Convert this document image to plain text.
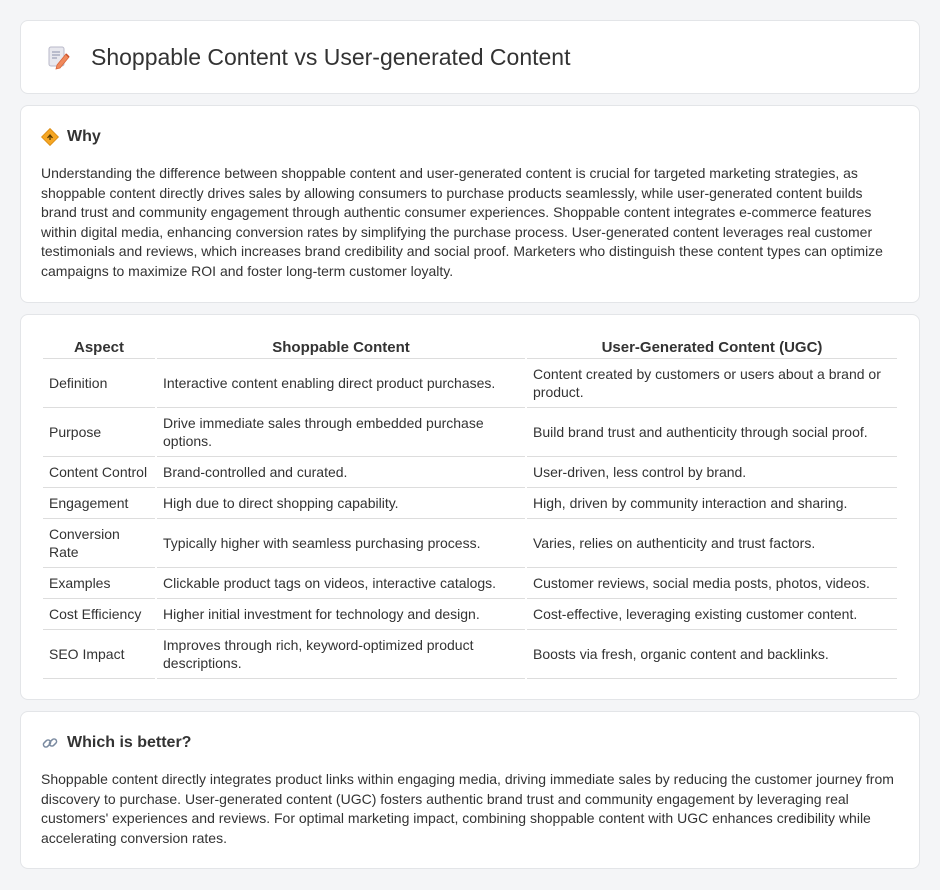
Shoppable Content vs User-generated Content
Why

Understanding the difference between shoppable content and user-generated content is crucial for targeted marketing strategies, as shoppable content directly drives sales by allowing consumers to purchase products seamlessly, while user-generated content builds brand trust and community engagement through authentic consumer experiences. Shoppable content integrates e-commerce features within digital media, enhancing conversion rates by simplifying the purchase process. User-generated content leverages real customer testimonials and reviews, which increases brand credibility and social proof. Marketers who distinguish these content types can optimize campaigns to maximize ROI and foster long-term customer loyalty.

Aspect	Shoppable Content	User-Generated Content (UGC)
Definition	Interactive content enabling direct product purchases.	Content created by customers or users about a brand or product.
Purpose	Drive immediate sales through embedded purchase options.	Build brand trust and authenticity through social proof.
Content Control	Brand-controlled and curated.	User-driven, less control by brand.
Engagement	High due to direct shopping capability.	High, driven by community interaction and sharing.
Conversion Rate	Typically higher with seamless purchasing process.	Varies, relies on authenticity and trust factors.
Examples	Clickable product tags on videos, interactive catalogs.	Customer reviews, social media posts, photos, videos.
Cost Efficiency	Higher initial investment for technology and design.	Cost-effective, leveraging existing customer content.
SEO Impact	Improves through rich, keyword-optimized product descriptions.	Boosts via fresh, organic content and backlinks.
Which is better?

Shoppable content directly integrates product links within engaging media, driving immediate sales by reducing the customer journey from discovery to purchase. User-generated content (UGC) fosters authentic brand trust and community engagement by leveraging real customers' experiences and reviews. For optimal marketing impact, combining shoppable content with UGC enhances credibility while accelerating conversion rates.
